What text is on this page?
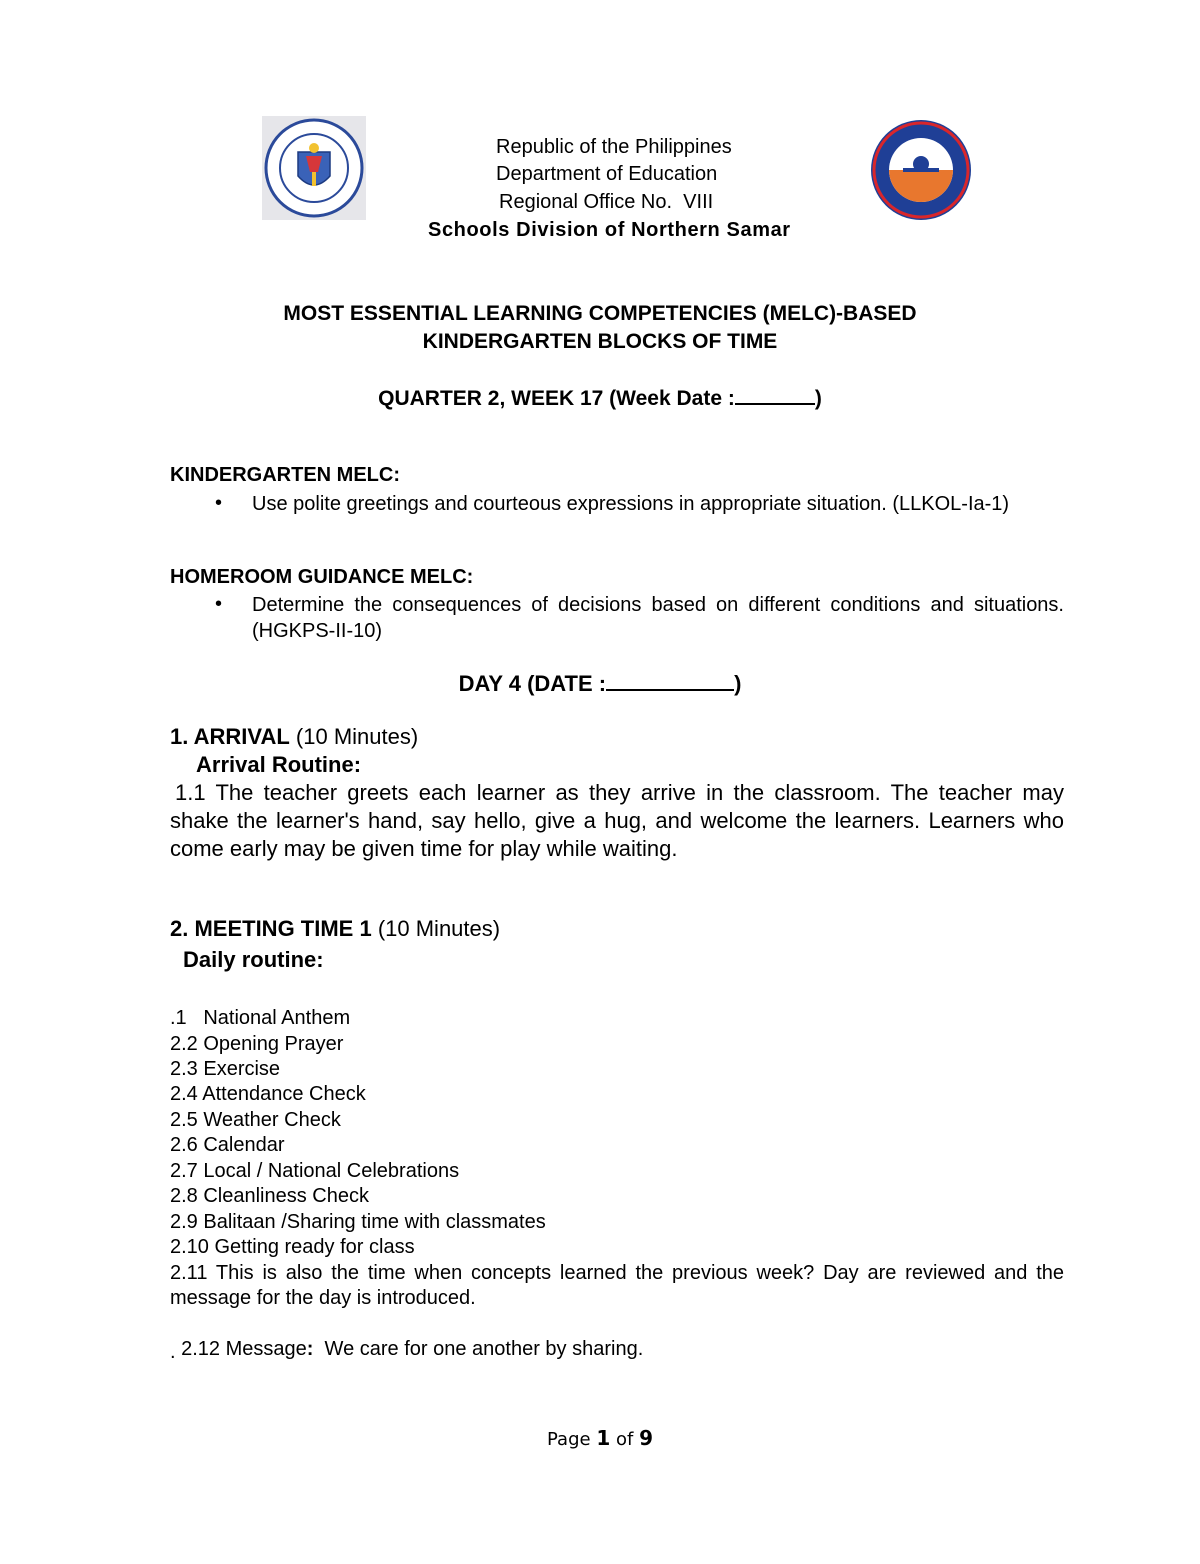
Republic of the Philippines
Department of Education
Regional Office No.  VIII
Schools Division of Northern Samar
MOST ESSENTIAL LEARNING COMPETENCIES (MELC)-BASED
KINDERGARTEN BLOCKS OF TIME
QUARTER 2, WEEK 17 (Week Date :	)
KINDERGARTEN MELC:
• Use polite greetings and courteous expressions in appropriate situation. (LLKOL-Ia-1)
HOMEROOM GUIDANCE MELC:
• Determine the consequences of decisions based on different conditions and situations. (HGKPS-II-10)
DAY 4 (DATE :	)
1. ARRIVAL (10 Minutes)
Arrival Routine:
1.1 The teacher greets each learner as they arrive in the classroom. The teacher may shake the learner's hand, say hello, give a hug, and welcome the learners. Learners who come early may be given time for play while waiting.
2. MEETING TIME 1 (10 Minutes)
Daily routine:
.1   National Anthem
2.2 Opening Prayer
2.3 Exercise
2.4 Attendance Check
2.5 Weather Check
2.6 Calendar
2.7 Local / National Celebrations
2.8 Cleanliness Check
2.9 Balitaan /Sharing time with classmates
2.10 Getting ready for class
2.11 This is also the time when concepts learned the previous week? Day are reviewed and the message for the day is introduced.

2.12 Message:  We care for one another by sharing.

.
Page 1 of 9
